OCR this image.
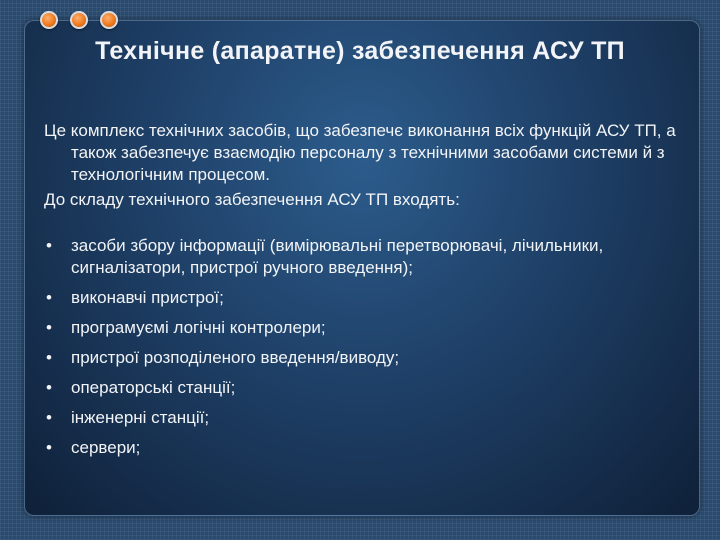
Технічне (апаратне) забезпечення АСУ ТП

Це комплекс технічних засобів, що забезпечє виконання всіх функцій АСУ ТП, а також забезпечує взаємодію персоналу з технічними засобами системи й з технологічним процесом.

До складу технічного забезпечення АСУ ТП входять:

• засоби збору інформації (вимірювальні перетворювачі, лічильники, сигналізатори, пристрої ручного введення);
• виконавчі пристрої;
• програмуємі логічні контролери;
• пристрої розподіленого введення/виводу;
• операторські станції;
• інженерні станції;
• сервери;
